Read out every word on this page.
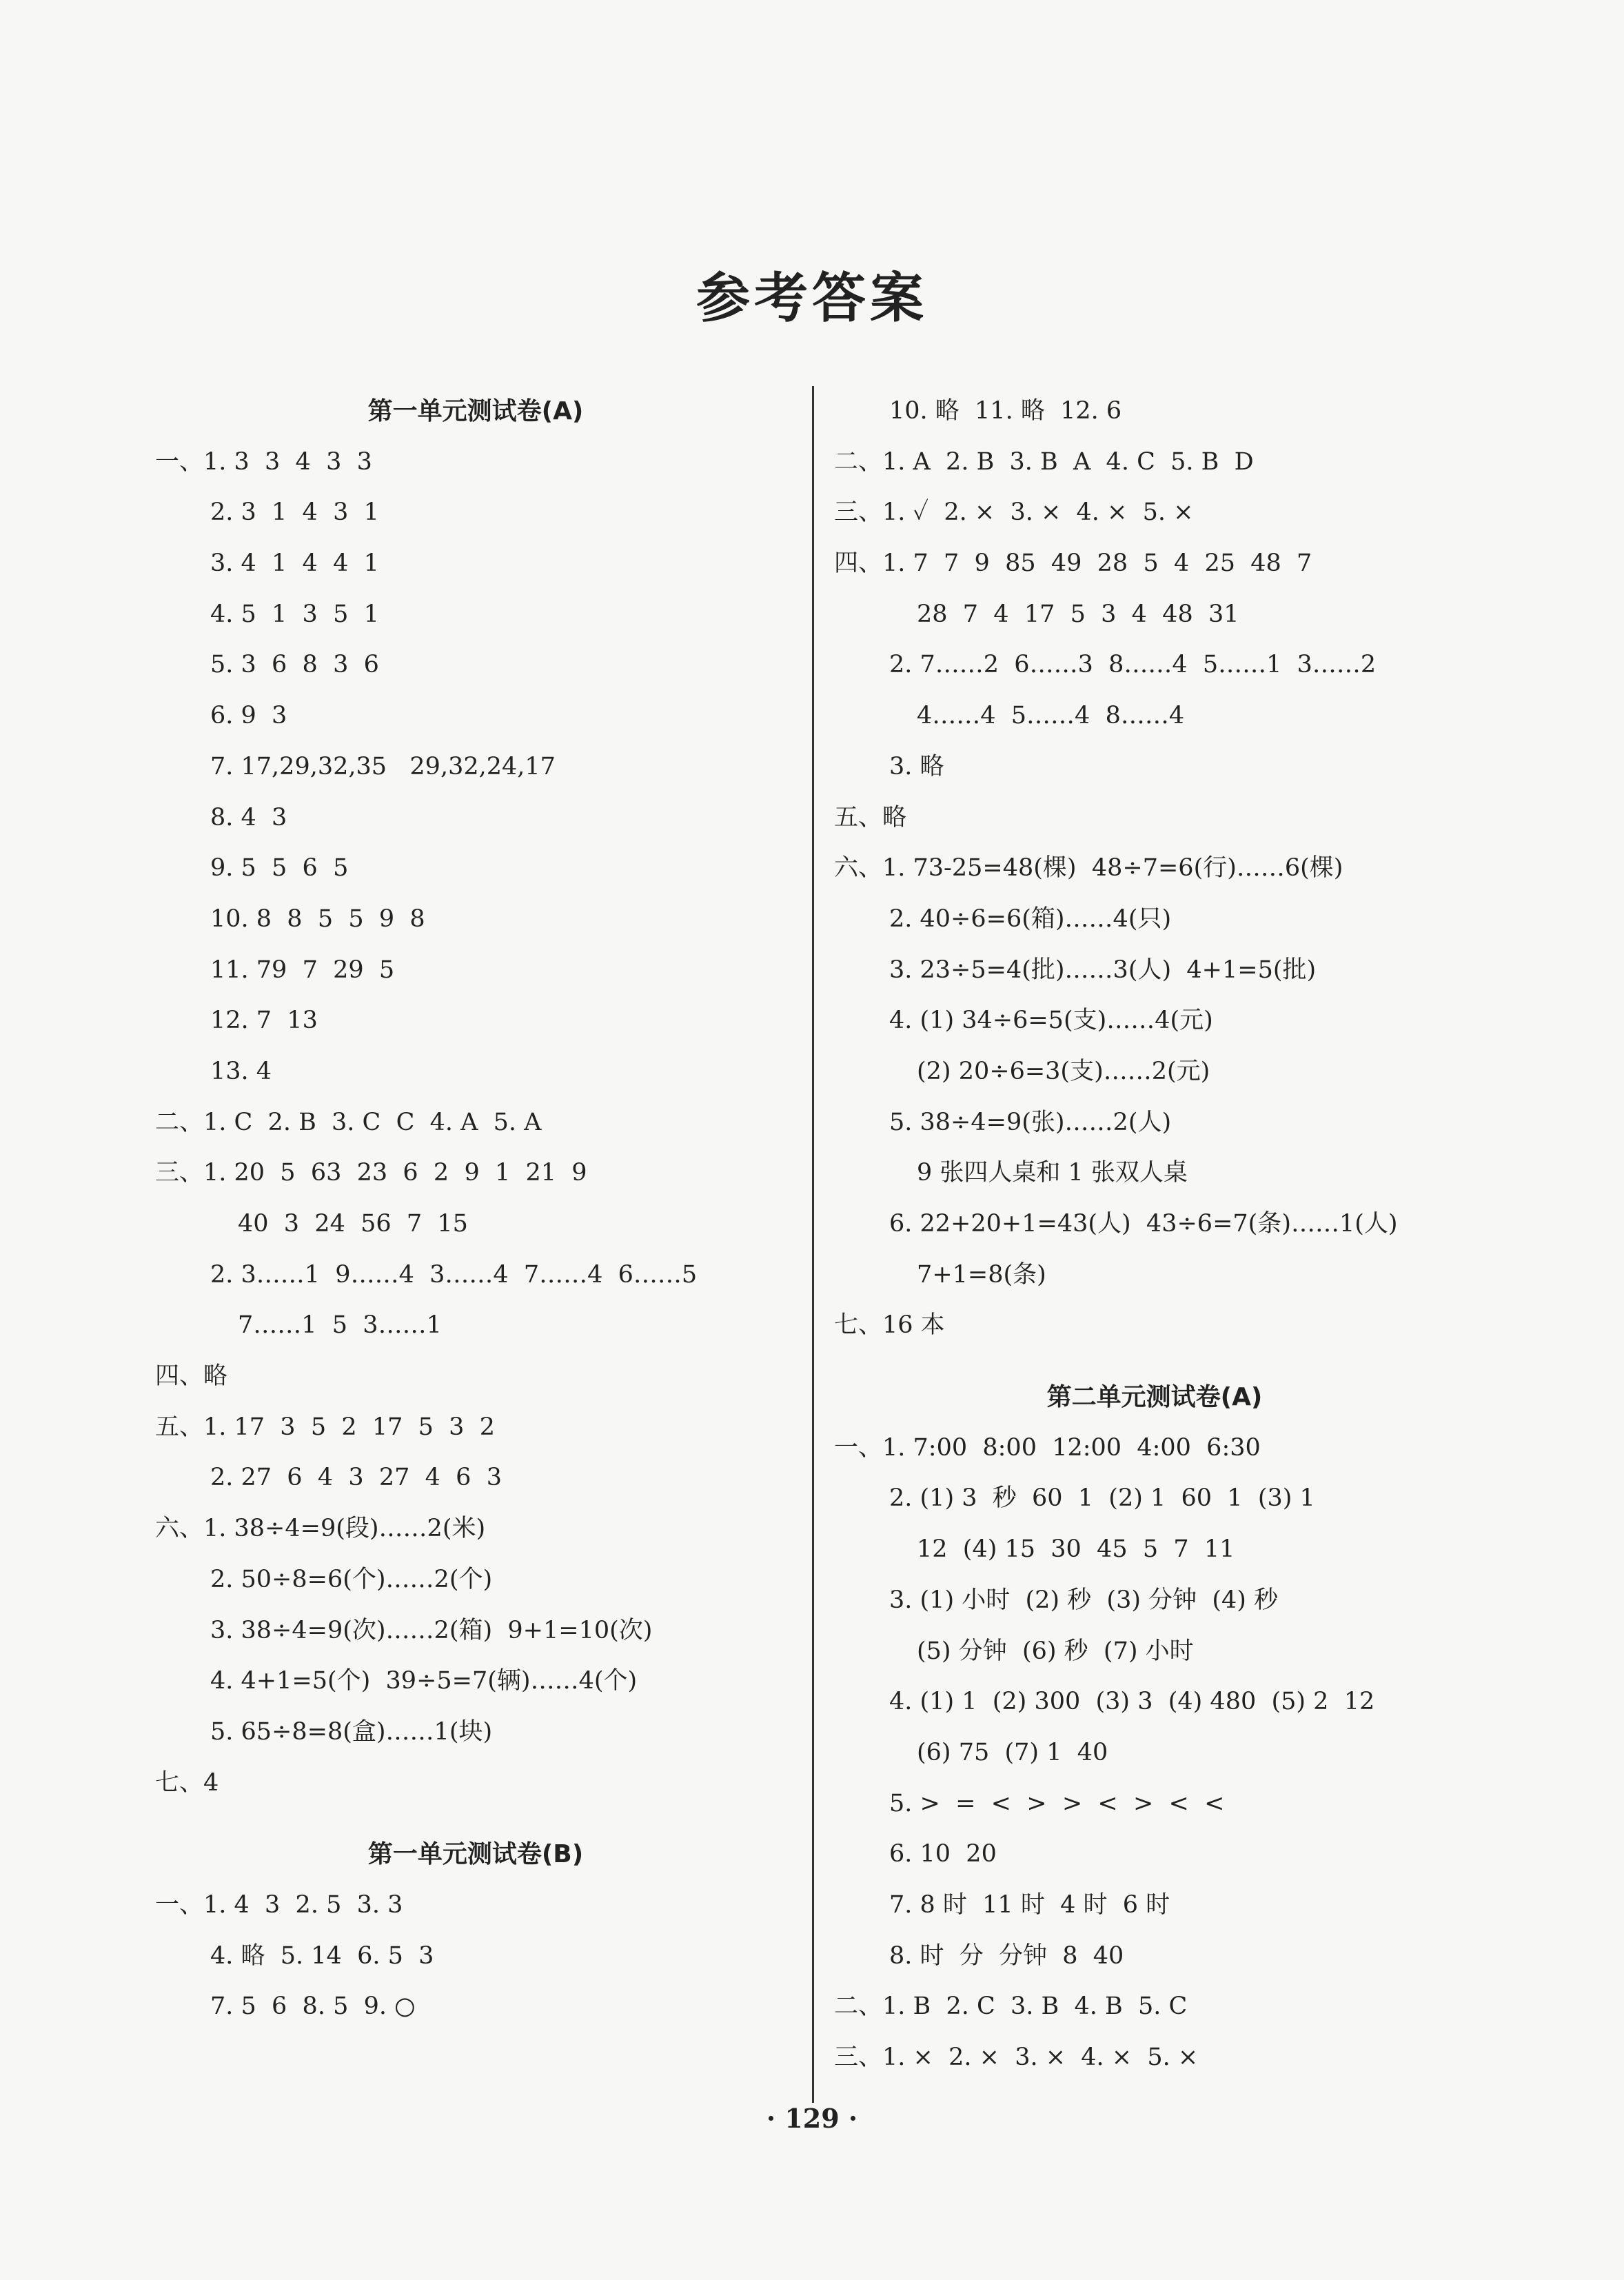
参考答案
第一单元测试卷(A)
一、1. 3  3  4  3  3
2. 3  1  4  3  1
3. 4  1  4  4  1
4. 5  1  3  5  1
5. 3  6  8  3  6
6. 9  3
7. 17,29,32,35   29,32,24,17
8. 4  3
9. 5  5  6  5
10. 8  8  5  5  9  8
11. 79  7  29  5
12. 7  13
13. 4
二、1. C  2. B  3. C  C  4. A  5. A
三、1. 20  5  63  23  6  2  9  1  21  9
40  3  24  56  7  15
2. 3……1  9……4  3……4  7……4  6……5
7……1  5  3……1
四、略
五、1. 17  3  5  2  17  5  3  2
2. 27  6  4  3  27  4  6  3
六、1. 38÷4=9(段)……2(米)
2. 50÷8=6(个)……2(个)
3. 38÷4=9(次)……2(箱)  9+1=10(次)
4. 4+1=5(个)  39÷5=7(辆)……4(个)
5. 65÷8=8(盒)……1(块)
七、4
第一单元测试卷(B)
一、1. 4  3  2. 5  3. 3
4. 略  5. 14  6. 5  3
7. 5  6  8. 5  9. ○
10. 略  11. 略  12. 6
二、1. A  2. B  3. B  A  4. C  5. B  D
三、1. ✓  2. ×  3. ×  4. ×  5. ×
四、1. 7  7  9  85  49  28  5  4  25  48  7
28  7  4  17  5  3  4  48  31
2. 7……2  6……3  8……4  5……1  3……2
4……4  5……4  8……4
3. 略
五、略
六、1. 73-25=48(棵)  48÷7=6(行)……6(棵)
2. 40÷6=6(箱)……4(只)
3. 23÷5=4(批)……3(人)  4+1=5(批)
4. (1) 34÷6=5(支)……4(元)
(2) 20÷6=3(支)……2(元)
5. 38÷4=9(张)……2(人)
9 张四人桌和 1 张双人桌
6. 22+20+1=43(人)  43÷6=7(条)……1(人)
7+1=8(条)
七、16 本
第二单元测试卷(A)
一、1. 7:00  8:00  12:00  4:00  6:30
2. (1) 3  秒  60  1  (2) 1  60  1  (3) 1
12  (4) 15  30  45  5  7  11
3. (1) 小时  (2) 秒  (3) 分钟  (4) 秒
(5) 分钟  (6) 秒  (7) 小时
4. (1) 1  (2) 300  (3) 3  (4) 480  (5) 2  12
(6) 75  (7) 1  40
5. >  =  <  >  >  <  >  <  <
6. 10  20
7. 8 时  11 时  4 时  6 时
8. 时  分  分钟  8  40
二、1. B  2. C  3. B  4. B  5. C
三、1. ×  2. ×  3. ×  4. ×  5. ×
· 129 ·
